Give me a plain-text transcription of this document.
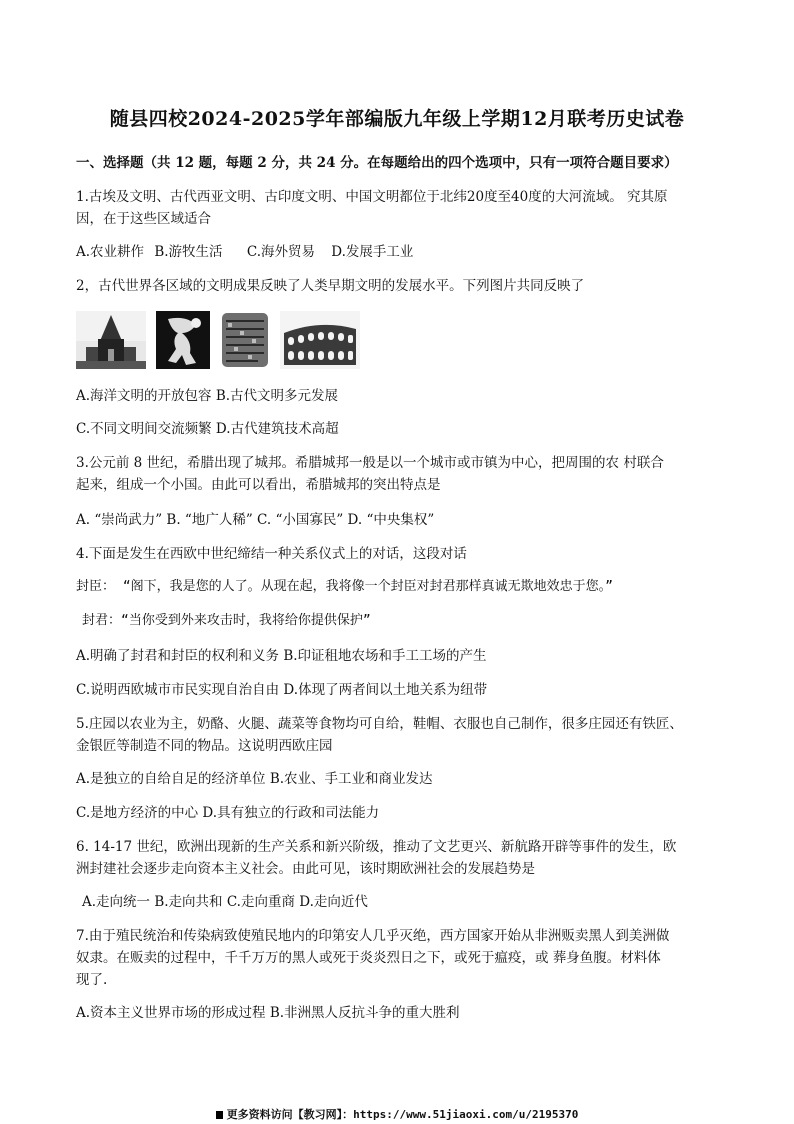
随县四校2024-2025学年部编版九年级上学期12月联考历史试卷
一、选择题（共 12 题，每题 2 分，共 24 分。在每题给出的四个选项中，只有一项符合题目要求）
1.古埃及文明、古代西亚文明、古印度文明、中国文明都位于北纬20度至40度的大河流域。 究其原
因，在于这些区域适合
A.农业耕作 B.游牧生活 C.海外贸易 D.发展手工业
2，古代世界各区域的文明成果反映了人类早期文明的发展水平。下列图片共同反映了
A.海洋文明的开放包容 B.古代文明多元发展
C.不同文明间交流频繁 D.古代建筑技术高超
3.公元前 8 世纪，希腊出现了城邦。希腊城邦一般是以一个城市或市镇为中心，把周围的农 村联合
起来，组成一个小国。由此可以看出，希腊城邦的突出特点是
A. “崇尚武力” B. “地广人稀” C. “小国寡民” D. “中央集权”
4.下面是发生在西欧中世纪缔结一种关系仪式上的对话，这段对话
封臣： “阁下，我是您的人了。从现在起，我将像一个封臣对封君那样真诚无欺地效忠于您。”
封君：“当你受到外来攻击时，我将给你提供保护”
A.明确了封君和封臣的权利和义务 B.印证租地农场和手工工场的产生
C.说明西欧城市市民实现自治自由 D.体现了两者间以土地关系为纽带
5.庄园以农业为主，奶酪、火腿、蔬菜等食物均可自给，鞋帽、衣服也自己制作，很多庄园还有铁匠、
金银匠等制造不同的物品。这说明西欧庄园
A.是独立的自给自足的经济单位 B.农业、手工业和商业发达
C.是地方经济的中心 D.具有独立的行政和司法能力
6. 14-17 世纪，欧洲出现新的生产关系和新兴阶级，推动了文艺更兴、新航路开辟等事件的发生，欧
洲封建社会逐步走向资本主义社会。由此可见，该时期欧洲社会的发展趋势是
A.走向统一 B.走向共和 C.走向重商 D.走向近代
7.由于殖民统治和传染病致使殖民地内的印第安人几乎灭绝，西方国家开始从非洲贩卖黑人到美洲做
奴隶。在贩卖的过程中，千千万万的黑人或死于炎炎烈日之下，或死于瘟疫，或 葬身鱼腹。材料体
现了.
A.资本主义世界市场的形成过程 B.非洲黑人反抗斗争的重大胜利
更多资料访问【教习网】：https://www.51jiaoxi.com/u/2195370
